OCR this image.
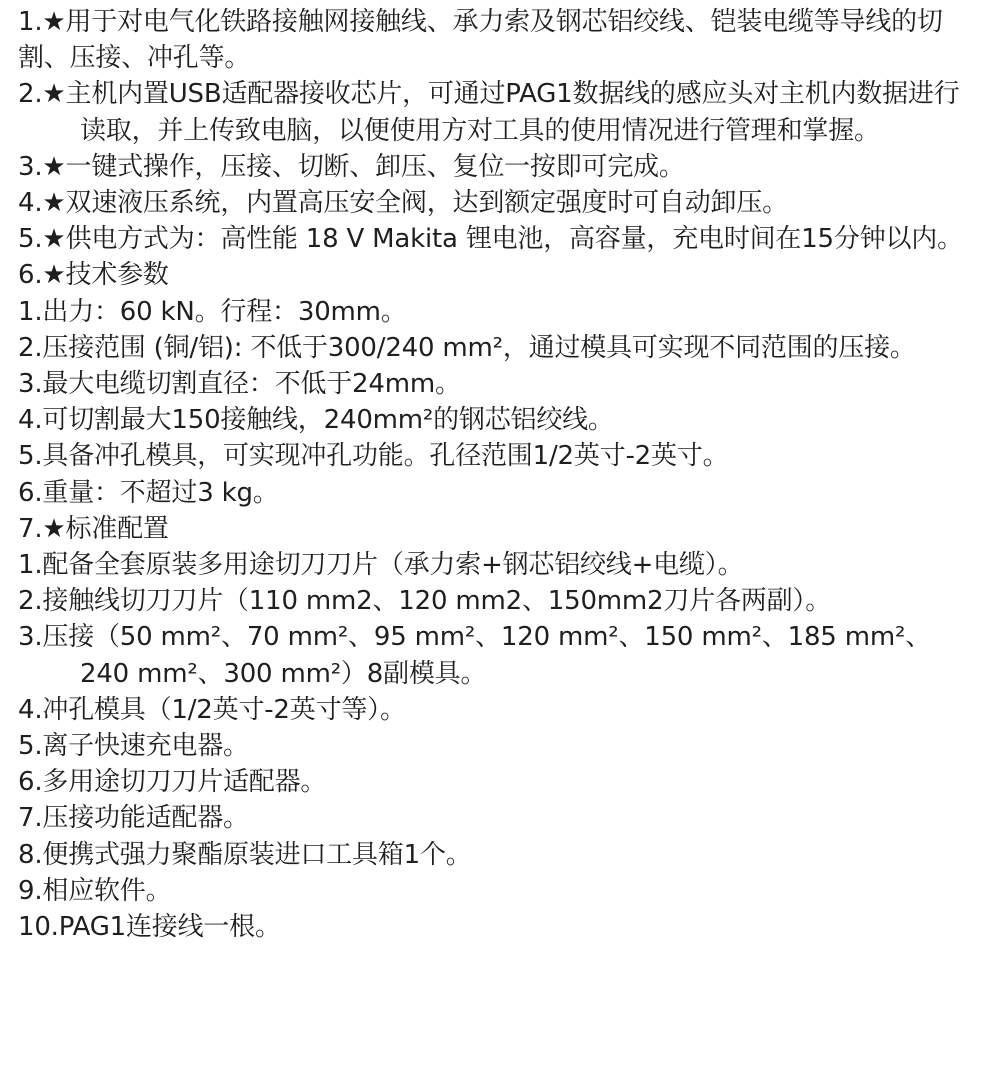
1.★用于对电气化铁路接触网接触线、承力索及钢芯铝绞线、铠装电缆等导线的切割、压接、冲孔等。
2.★主机内置USB适配器接收芯片，可通过PAG1数据线的感应头对主机内数据进行读取，并上传致电脑，以便使用方对工具的使用情况进行管理和掌握。
3.★一键式操作，压接、切断、卸压、复位一按即可完成。
4.★双速液压系统，内置高压安全阀，达到额定强度时可自动卸压。
5.★供电方式为：高性能 18 V Makita 锂电池，高容量，充电时间在15分钟以内。
6.★技术参数
1.出力：60 kN。行程：30mm。
2.压接范围 (铜/铝): 不低于300/240 mm²，通过模具可实现不同范围的压接。
3.最大电缆切割直径：不低于24mm。
4.可切割最大150接触线，240mm²的钢芯铝绞线。
5.具备冲孔模具，可实现冲孔功能。孔径范围1/2英寸-2英寸。
6.重量：不超过3 kg。
7.★标准配置
1.配备全套原装多用途切刀刀片（承力索+钢芯铝绞线+电缆）。
2.接触线切刀刀片（110 mm2、120 mm2、150mm2刀片各两副）。
3.压接（50 mm²、70 mm²、95 mm²、120 mm²、150 mm²、185 mm²、240 mm²、300 mm²）8副模具。
4.冲孔模具（1/2英寸-2英寸等）。
5.离子快速充电器。
6.多用途切刀刀片适配器。
7.压接功能适配器。
8.便携式强力聚酯原装进口工具箱1个。
9.相应软件。
10.PAG1连接线一根。
